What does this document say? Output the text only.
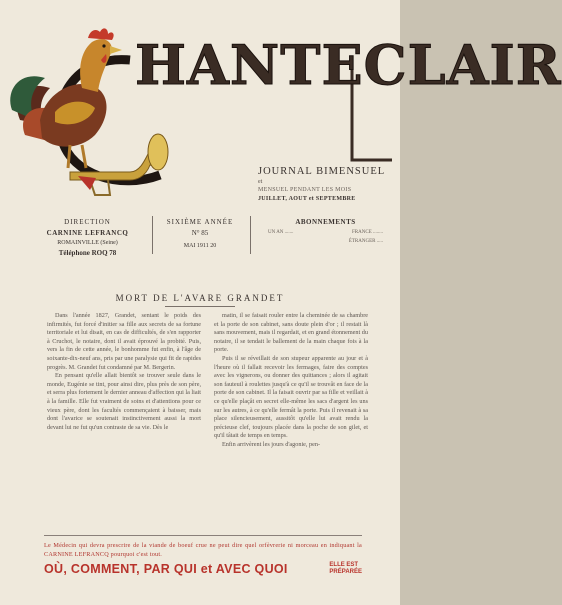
HANTECLAIR
JOURNAL BIMENSUEL
et
MENSUEL PENDANT LES MOIS
JUILLET, AOUT et SEPTEMBRE
DIRECTION
CARNINE LEFRANCQ
ROMAINVILLE (Seine)
Téléphone ROQ 78
SIXIÈME ANNÉE
N° 85
MAI 1911 20
ABONNEMENTS
UN AN .......	FRANCE ........
ÉTRANGER .....
MORT DE L'AVARE GRANDET

Dans l'année 1827, Grandet, sentant le poids des infirmités, fut forcé d'initier sa fille aux secrets de sa fortune territoriale et lui disait, en cas de difficultés, de s'en rapporter à Cruchot, le notaire, dont il avait éprouvé la probité. Puis, vers la fin de cette année, le bonhomme fut enfin, à l'âge de soixante-dix-neuf ans, pris par une paralysie qui fit de rapides progrès. M. Grandet fut condamné par M. Bergerin.

En pensant qu'elle allait bientôt se trouver seule dans le monde, Eugénie se tint, pour ainsi dire, plus près de son père, et serra plus fortement le dernier anneau d'affection qui la liait à la famille. Elle fut vraiment de soins et d'attentions pour ce vieux père, dont les facultés commençaient à baisser, mais dont l'avarice se soutenait instinctivement aussi la mort devant lui ne fut qu'un contraste de sa vie. Dès le

matin, il se faisait rouler entre la cheminée de sa chambre et la porte de son cabinet, sans doute plein d'or ; il restait là sans mouvement, mais il regardait, et en grand étonnement du notaire, il se tendait le ballement de la main chaque fois à la porte.

Puis il se réveillait de son stupeur apparente au jour et à l'heure où il fallait recevoir les fermages, faire des comptes avec les vignerons, ou donner des quittances ; alors il agitait son fauteuil à roulettes jusqu'à ce qu'il se trouvât en face de la porte de son cabinet. Il la faisait ouvrir par sa fille et veillait à ce qu'elle plaçât en secret elle-même les sacs d'argent les uns sur les autres, à ce qu'elle fermât la porte. Puis il revenait à sa place silencieusement, aussitôt qu'elle lui avait rendu la précieuse clef, toujours placée dans la poche de son gilet, et qu'il tâtait de temps en temps.

Enfin arrivèrent les jours d'agonie, pen-

Le Médecin qui devra prescrire de la viande de boeuf crue ne peut dire quel orfèvrerie ni morceau en indiquant la CARNINE LEFRANCQ pourquoi c'est tout.
OÙ, COMMENT, PAR QUI et AVEC QUOI	ELLE EST
PRÉPARÉE
